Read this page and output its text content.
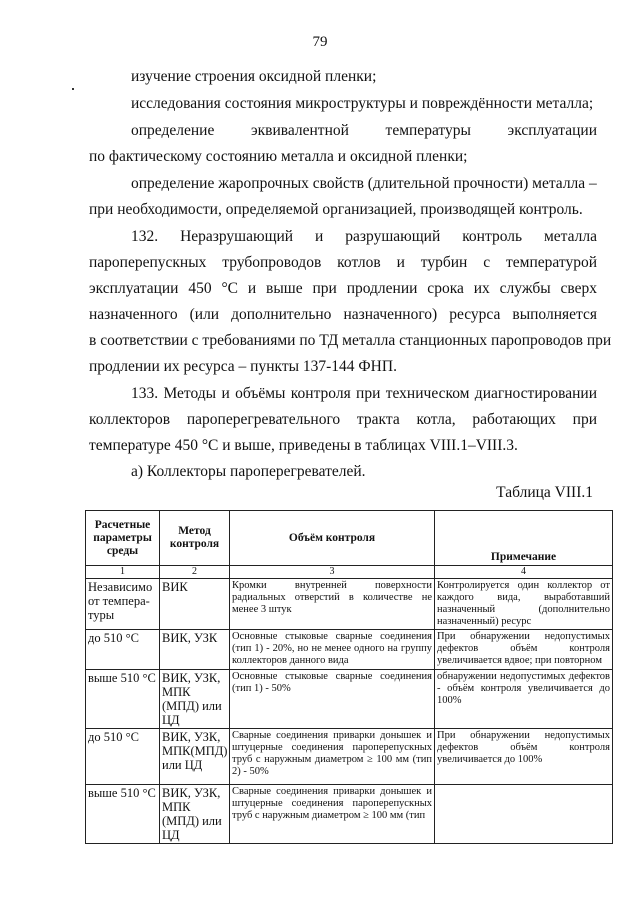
79
изучение строения оксидной пленки;
исследования состояния микроструктуры и повреждённости металла;
определение эквивалентной температуры эксплуатации
по фактическому состоянию металла и оксидной пленки;
определение жаропрочных свойств (длительной прочности) металла –
при необходимости, определяемой организацией, производящей контроль.
132. Неразрушающий и разрушающий контроль металла
пароперепускных трубопроводов котлов и турбин с температурой
эксплуатации 450 °С и выше при продлении срока их службы сверх
назначенного (или дополнительно назначенного) ресурса выполняется
в соответствии с требованиями по ТД металла станционных паропроводов при
продлении их ресурса – пункты 137-144 ФНП.
133. Методы и объёмы контроля при техническом диагностировании
коллекторов пароперегревательного тракта котла, работающих при
температуре 450 °С и выше, приведены в таблицах VIII.1–VIII.3.
а) Коллекторы пароперегревателей.
Таблица VIII.1
Расчетные параметры среды	Метод контроля	Объём контроля	Примечание
1	2	3	4
Независимо от темпера-туры	ВИК	Кромки внутренней поверхности радиальных отверстий в количестве не менее 3 штук	Контролируется один коллектор от каждого вида, выработавший назначенный (дополнительно назначенный) ресурс
до 510 °С	ВИК, УЗК	Основные стыковые сварные соединения (тип 1) - 20%, но не менее одного на группу коллекторов данного вида	При обнаружении недопустимых дефектов объём контроля увеличивается вдвое; при повторном
выше 510 °С	ВИК, УЗК, МПК (МПД) или ЦД	Основные стыковые сварные соединения (тип 1) - 50%	обнаружении недопустимых дефектов - объём контроля увеличивается до 100%
до 510 °С	ВИК, УЗК, МПК(МПД) или ЦД	Сварные соединения приварки донышек и штуцерные соединения пароперепускных труб с наружным диаметром ≥ 100 мм (тип 2) - 50%	При обнаружении недопустимых дефектов объём контроля увеличивается до 100%
выше 510 °С	ВИК, УЗК, МПК (МПД) или ЦД	Сварные соединения приварки донышек и штуцерные соединения пароперепускных труб с наружным диаметром ≥ 100 мм (тип	
